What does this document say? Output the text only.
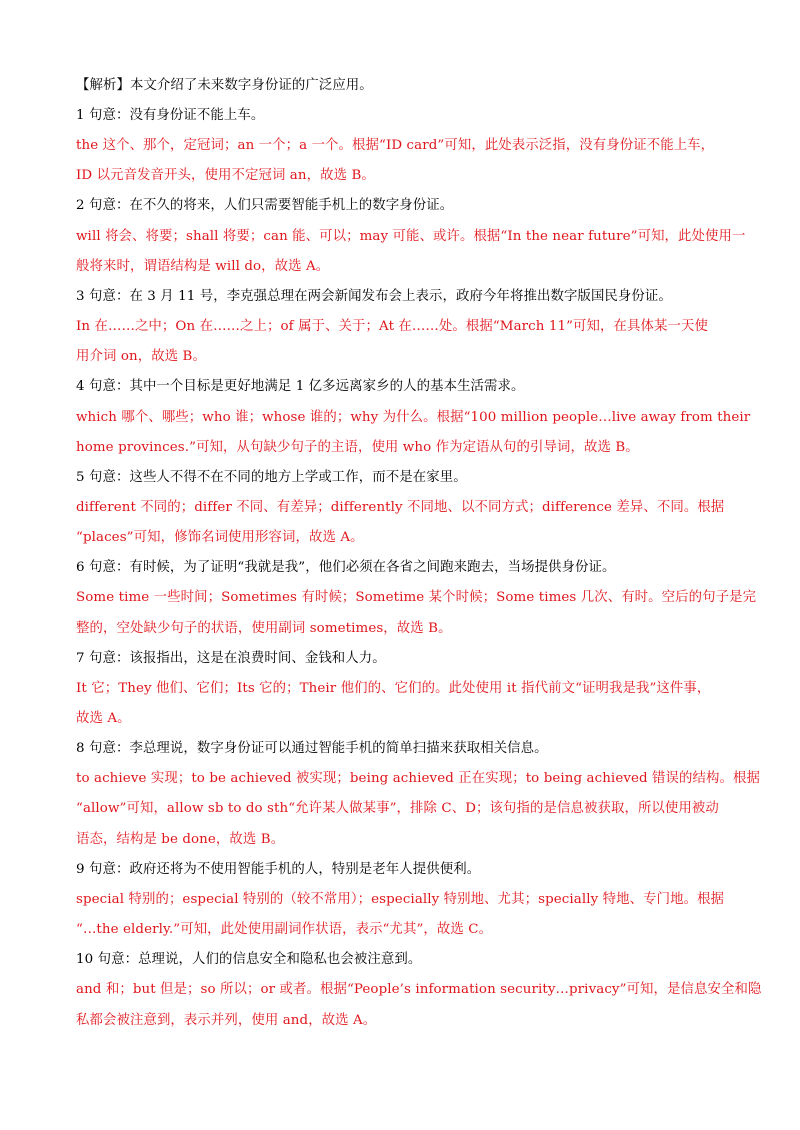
【解析】本文介绍了未来数字身份证的广泛应用。
1 句意：没有身份证不能上车。
the 这个、那个，定冠词；an 一个；a 一个。根据“ID card”可知，此处表示泛指，没有身份证不能上车，
ID 以元音发音开头，使用不定冠词 an，故选 B。
2 句意：在不久的将来，人们只需要智能手机上的数字身份证。
will 将会、将要；shall 将要；can 能、可以；may 可能、或许。根据“In the near future”可知，此处使用一
般将来时，谓语结构是 will do，故选 A。
3 句意：在 3 月 11 号，李克强总理在两会新闻发布会上表示，政府今年将推出数字版国民身份证。
In 在……之中；On 在……之上；of 属于、关于；At 在……处。根据“March 11”可知，在具体某一天使
用介词 on，故选 B。
4 句意：其中一个目标是更好地满足 1 亿多远离家乡的人的基本生活需求。
which 哪个、哪些；who 谁；whose 谁的；why 为什么。根据“100 million people…live away from their
home provinces.”可知，从句缺少句子的主语，使用 who 作为定语从句的引导词，故选 B。
5 句意：这些人不得不在不同的地方上学或工作，而不是在家里。
different 不同的；differ 不同、有差异；differently 不同地、以不同方式；difference 差异、不同。根据
“places”可知，修饰名词使用形容词，故选 A。
6 句意：有时候，为了证明“我就是我”，他们必须在各省之间跑来跑去，当场提供身份证。
Some time 一些时间；Sometimes 有时候；Sometime 某个时候；Some times 几次、有时。空后的句子是完
整的，空处缺少句子的状语，使用副词 sometimes，故选 B。
7 句意：该报指出，这是在浪费时间、金钱和人力。
It 它；They 他们、它们；Its 它的；Their 他们的、它们的。此处使用 it 指代前文“证明我是我”这件事，
故选 A。
8 句意：李总理说，数字身份证可以通过智能手机的简单扫描来获取相关信息。
to achieve 实现；to be achieved 被实现；being achieved 正在实现；to being achieved 错误的结构。根据
“allow”可知，allow sb to do sth“允许某人做某事”，排除 C、D；该句指的是信息被获取，所以使用被动
语态，结构是 be done，故选 B。
9 句意：政府还将为不使用智能手机的人，特别是老年人提供便利。
special 特别的；especial 特别的（较不常用）；especially 特别地、尤其；specially 特地、专门地。根据
“…the elderly.”可知，此处使用副词作状语，表示“尤其”，故选 C。
10 句意：总理说，人们的信息安全和隐私也会被注意到。
and 和；but 但是；so 所以；or 或者。根据“People’s information security…privacy”可知，是信息安全和隐
私都会被注意到，表示并列，使用 and，故选 A。
